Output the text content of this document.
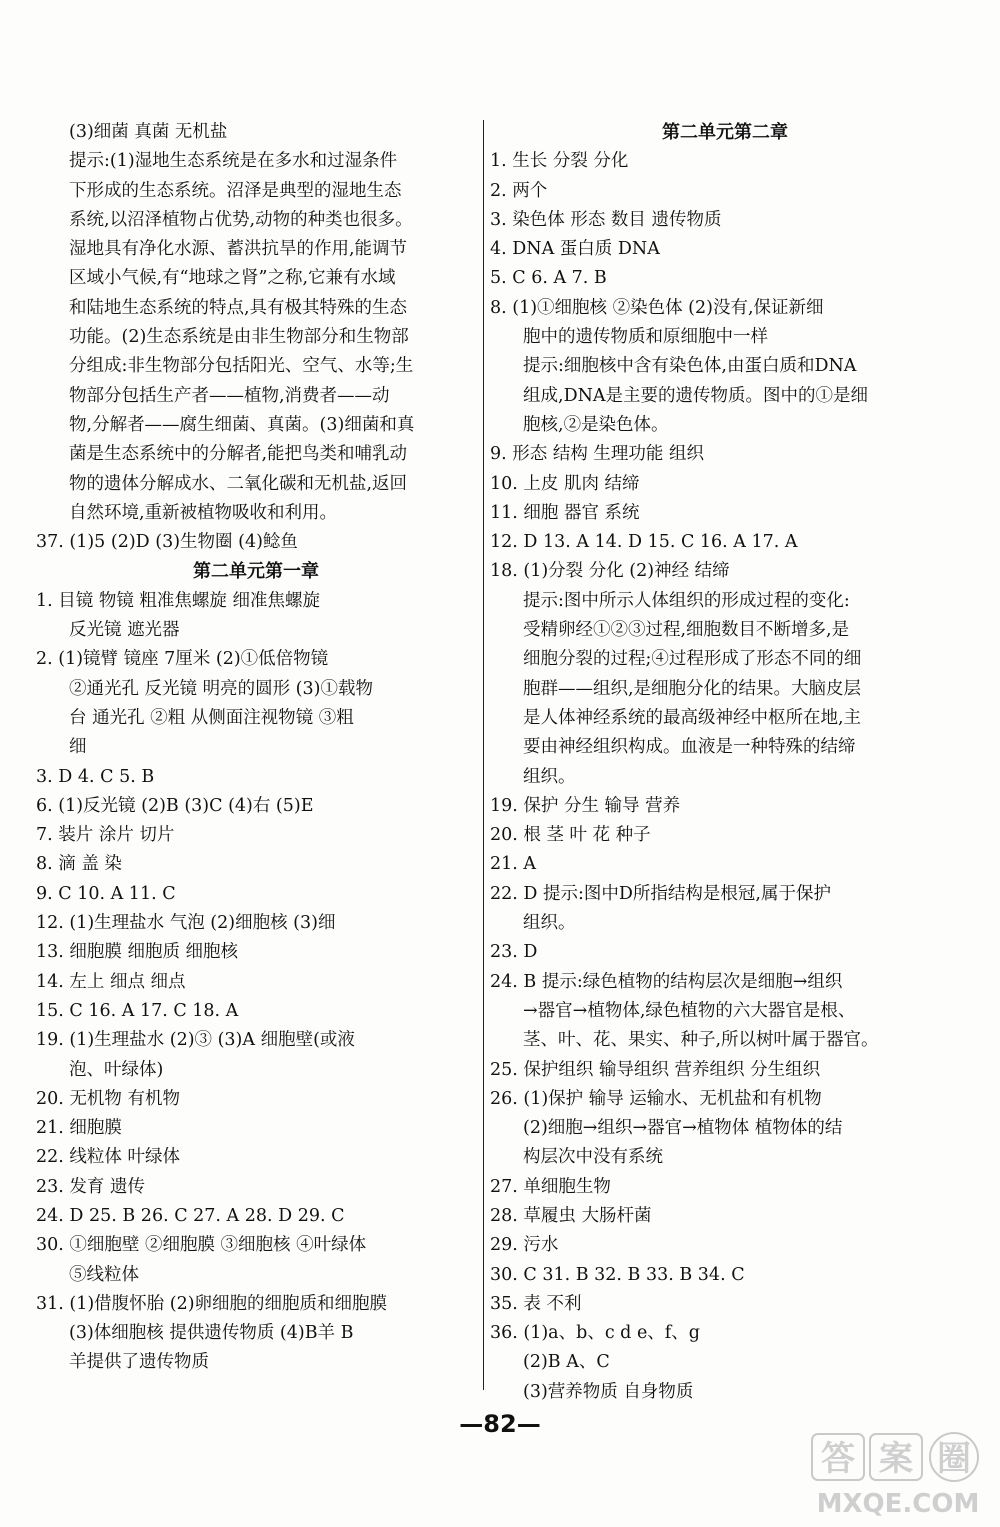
(3)细菌 真菌 无机盐
提示:(1)湿地生态系统是在多水和过湿条件
下形成的生态系统。沼泽是典型的湿地生态
系统,以沼泽植物占优势,动物的种类也很多。
湿地具有净化水源、蓄洪抗旱的作用,能调节
区域小气候,有“地球之肾”之称,它兼有水域
和陆地生态系统的特点,具有极其特殊的生态
功能。(2)生态系统是由非生物部分和生物部
分组成:非生物部分包括阳光、空气、水等;生
物部分包括生产者——植物,消费者——动
物,分解者——腐生细菌、真菌。(3)细菌和真
菌是生态系统中的分解者,能把鸟类和哺乳动
物的遗体分解成水、二氧化碳和无机盐,返回
自然环境,重新被植物吸收和利用。
37. (1)5 (2)D (3)生物圈 (4)鲶鱼
第二单元第一章
1. 目镜 物镜 粗准焦螺旋 细准焦螺旋
反光镜 遮光器
2. (1)镜臂 镜座 7厘米 (2)①低倍物镜
②通光孔 反光镜 明亮的圆形 (3)①载物
台 通光孔 ②粗 从侧面注视物镜 ③粗
细
3. D 4. C 5. B
6. (1)反光镜 (2)B (3)C (4)右 (5)E
7. 装片 涂片 切片
8. 滴 盖 染
9. C 10. A 11. C
12. (1)生理盐水 气泡 (2)细胞核 (3)细
13. 细胞膜 细胞质 细胞核
14. 左上 细点 细点
15. C 16. A 17. C 18. A
19. (1)生理盐水 (2)③ (3)A 细胞壁(或液
泡、叶绿体)
20. 无机物 有机物
21. 细胞膜
22. 线粒体 叶绿体
23. 发育 遗传
24. D 25. B 26. C 27. A 28. D 29. C
30. ①细胞壁 ②细胞膜 ③细胞核 ④叶绿体
⑤线粒体
31. (1)借腹怀胎 (2)卵细胞的细胞质和细胞膜
(3)体细胞核 提供遗传物质 (4)B羊 B
羊提供了遗传物质
第二单元第二章
1. 生长 分裂 分化
2. 两个
3. 染色体 形态 数目 遗传物质
4. DNA 蛋白质 DNA
5. C 6. A 7. B
8. (1)①细胞核 ②染色体 (2)没有,保证新细
胞中的遗传物质和原细胞中一样
提示:细胞核中含有染色体,由蛋白质和DNA
组成,DNA是主要的遗传物质。图中的①是细
胞核,②是染色体。
9. 形态 结构 生理功能 组织
10. 上皮 肌肉 结缔
11. 细胞 器官 系统
12. D 13. A 14. D 15. C 16. A 17. A
18. (1)分裂 分化 (2)神经 结缔
提示:图中所示人体组织的形成过程的变化:
受精卵经①②③过程,细胞数目不断增多,是
细胞分裂的过程;④过程形成了形态不同的细
胞群——组织,是细胞分化的结果。大脑皮层
是人体神经系统的最高级神经中枢所在地,主
要由神经组织构成。血液是一种特殊的结缔
组织。
19. 保护 分生 输导 营养
20. 根 茎 叶 花 种子
21. A
22. D 提示:图中D所指结构是根冠,属于保护
组织。
23. D
24. B 提示:绿色植物的结构层次是细胞→组织
→器官→植物体,绿色植物的六大器官是根、
茎、叶、花、果实、种子,所以树叶属于器官。
25. 保护组织 输导组织 营养组织 分生组织
26. (1)保护 输导 运输水、无机盐和有机物
(2)细胞→组织→器官→植物体 植物体的结
构层次中没有系统
27. 单细胞生物
28. 草履虫 大肠杆菌
29. 污水
30. C 31. B 32. B 33. B 34. C
35. 表 不利
36. (1)a、b、c d e、f、g
(2)B A、C
(3)营养物质 自身物质
—82—
答 案 圈
MXQE.COM
